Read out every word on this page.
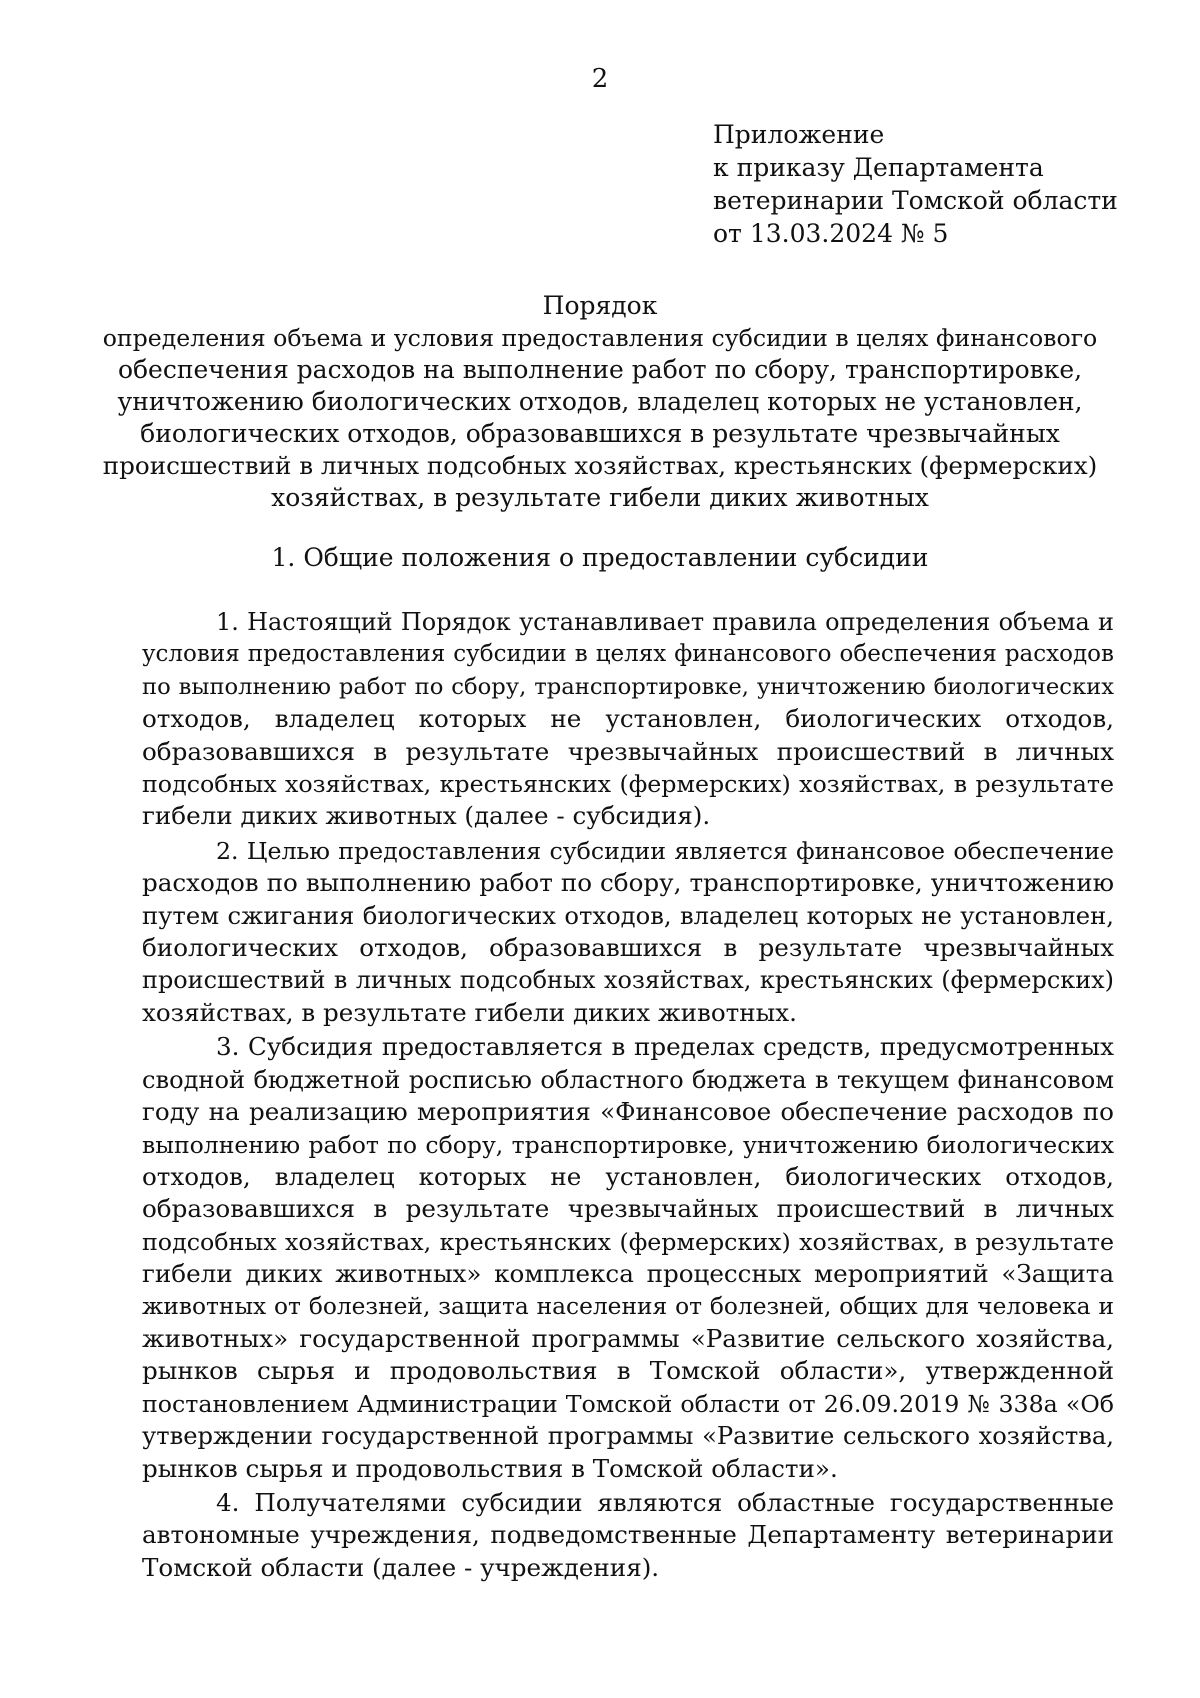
2
Приложение
к приказу Департамента
ветеринарии Томской области
от 13.03.2024 № 5
Порядок
определения объема и условия предоставления субсидии в целях финансового
обеспечения расходов на выполнение работ по сбору, транспортировке,
уничтожению биологических отходов, владелец которых не установлен,
биологических отходов, образовавшихся в результате чрезвычайных
происшествий в личных подсобных хозяйствах, крестьянских (фермерских)
хозяйствах, в результате гибели диких животных
1. Общие положения о предоставлении субсидии
1. Настоящий Порядок устанавливает правила определения объема и
условия предоставления субсидии в целях финансового обеспечения расходов
по выполнению работ по сбору, транспортировке, уничтожению биологических
отходов, владелец которых не установлен, биологических отходов,
образовавшихся в результате чрезвычайных происшествий в личных
подсобных хозяйствах, крестьянских (фермерских) хозяйствах, в результате
гибели диких животных (далее - субсидия).
2. Целью предоставления субсидии является финансовое обеспечение
расходов по выполнению работ по сбору, транспортировке, уничтожению
путем сжигания биологических отходов, владелец которых не установлен,
биологических отходов, образовавшихся в результате чрезвычайных
происшествий в личных подсобных хозяйствах, крестьянских (фермерских)
хозяйствах, в результате гибели диких животных.
3. Субсидия предоставляется в пределах средств, предусмотренных
сводной бюджетной росписью областного бюджета в текущем финансовом
году на реализацию мероприятия «Финансовое обеспечение расходов по
выполнению работ по сбору, транспортировке, уничтожению биологических
отходов, владелец которых не установлен, биологических отходов,
образовавшихся в результате чрезвычайных происшествий в личных
подсобных хозяйствах, крестьянских (фермерских) хозяйствах, в результате
гибели диких животных» комплекса процессных мероприятий «Защита
животных от болезней, защита населения от болезней, общих для человека и
животных» государственной программы «Развитие сельского хозяйства,
рынков сырья и продовольствия в Томской области», утвержденной
постановлением Администрации Томской области от 26.09.2019 № 338а «Об
утверждении государственной программы «Развитие сельского хозяйства,
рынков сырья и продовольствия в Томской области».
4. Получателями субсидии являются областные государственные
автономные учреждения, подведомственные Департаменту ветеринарии
Томской области (далее - учреждения).
